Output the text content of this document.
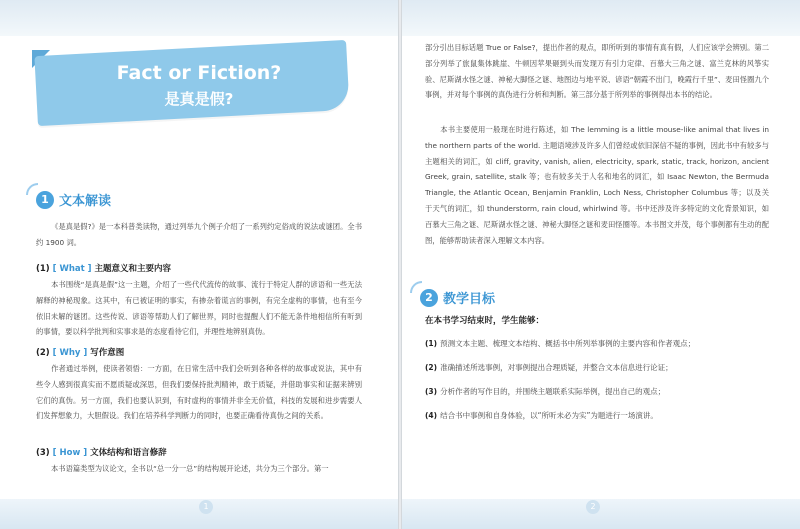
Fact or Fiction?
是真是假?
1 文本解读
《是真是假?》是一本科普类读物，通过列举九个例子介绍了一系列约定俗成的说法或谜团。全书约 1900 词。
(1) [ What ] 主题意义和主要内容
本书围绕“是真是假”这一主题，介绍了一些代代流传的故事、流行于特定人群的谚语和一些无法解释的神秘现象。这其中，有已被证明的事实，有掺杂着谎言的事例，有完全虚构的事情，也有至今依旧未解的谜团。这些传说、谚语等帮助人们了解世界，同时也提醒人们不能无条件地相信所有听到的事情，要以科学批判和实事求是的态度看待它们，并理性地辨别真伪。
(2) [ Why ] 写作意图
作者通过举例，使读者领悟：一方面，在日常生活中我们会听到各种各样的故事或说法，其中有些令人感到很真实而不愿质疑或深思，但我们要保持批判精神，敢于质疑，并借助事实和证据来辨别它们的真伪。另一方面，我们也要认识到，有时虚构的事情并非全无价值，科技的发展和进步需要人们发挥想象力，大胆假设。我们在培养科学判断力的同时，也要正确看待真伪之间的关系。
(3) [ How ] 文体结构和语言修辞
本书语篇类型为议论文，全书以“总一分一总”的结构展开论述，共分为三个部分。第一
1
部分引出目标话题 True or False?，提出作者的观点，即所听到的事情有真有假，人们应该学会辨别。第二部分列举了旅鼠集体跳崖、牛顿因苹果砸到头而发现万有引力定律、百慕大三角之谜、富兰克林的风筝实验、尼斯湖水怪之谜、神秘大脚怪之谜、地图边与地平说、谚语“朝霞不出门，晚霞行千里”、麦田怪圈九个事例，并对每个事例的真伪进行分析和判断。第三部分基于所列举的事例得出本书的结论。
本书主要使用一般现在时进行陈述，如 The lemming is a little mouse-like animal that lives in the northern parts of the world. 主题语境涉及许多人们曾经或依旧深信不疑的事例，因此书中有较多与主题相关的词汇，如 cliff, gravity, vanish, alien, electricity, spark, static, track, horizon, ancient Greek, grain, satellite, stalk 等；也有较多关于人名和地名的词汇，如 Isaac Newton, the Bermuda Triangle, the Atlantic Ocean, Benjamin Franklin, Loch Ness, Christopher Columbus 等；以及关于天气的词汇，如 thunderstorm, rain cloud, whirlwind 等。书中还涉及许多特定的文化背景知识，如百慕大三角之谜、尼斯湖水怪之谜、神秘大脚怪之谜和麦田怪圈等。本书图文并茂，每个事例都有生动的配图，能够帮助读者深入理解文本内容。
2 教学目标
在本书学习结束时，学生能够：
(1) 预测文本主题、梳理文本结构、概括书中所列举事例的主要内容和作者观点；
(2) 准确描述所选事例，对事例提出合理质疑，并整合文本信息进行论证；
(3) 分析作者的写作目的，并围绕主题联系实际举例，提出自己的观点；
(4) 结合书中事例和自身体验，以“所听未必为实”为题进行一场演讲。
2
